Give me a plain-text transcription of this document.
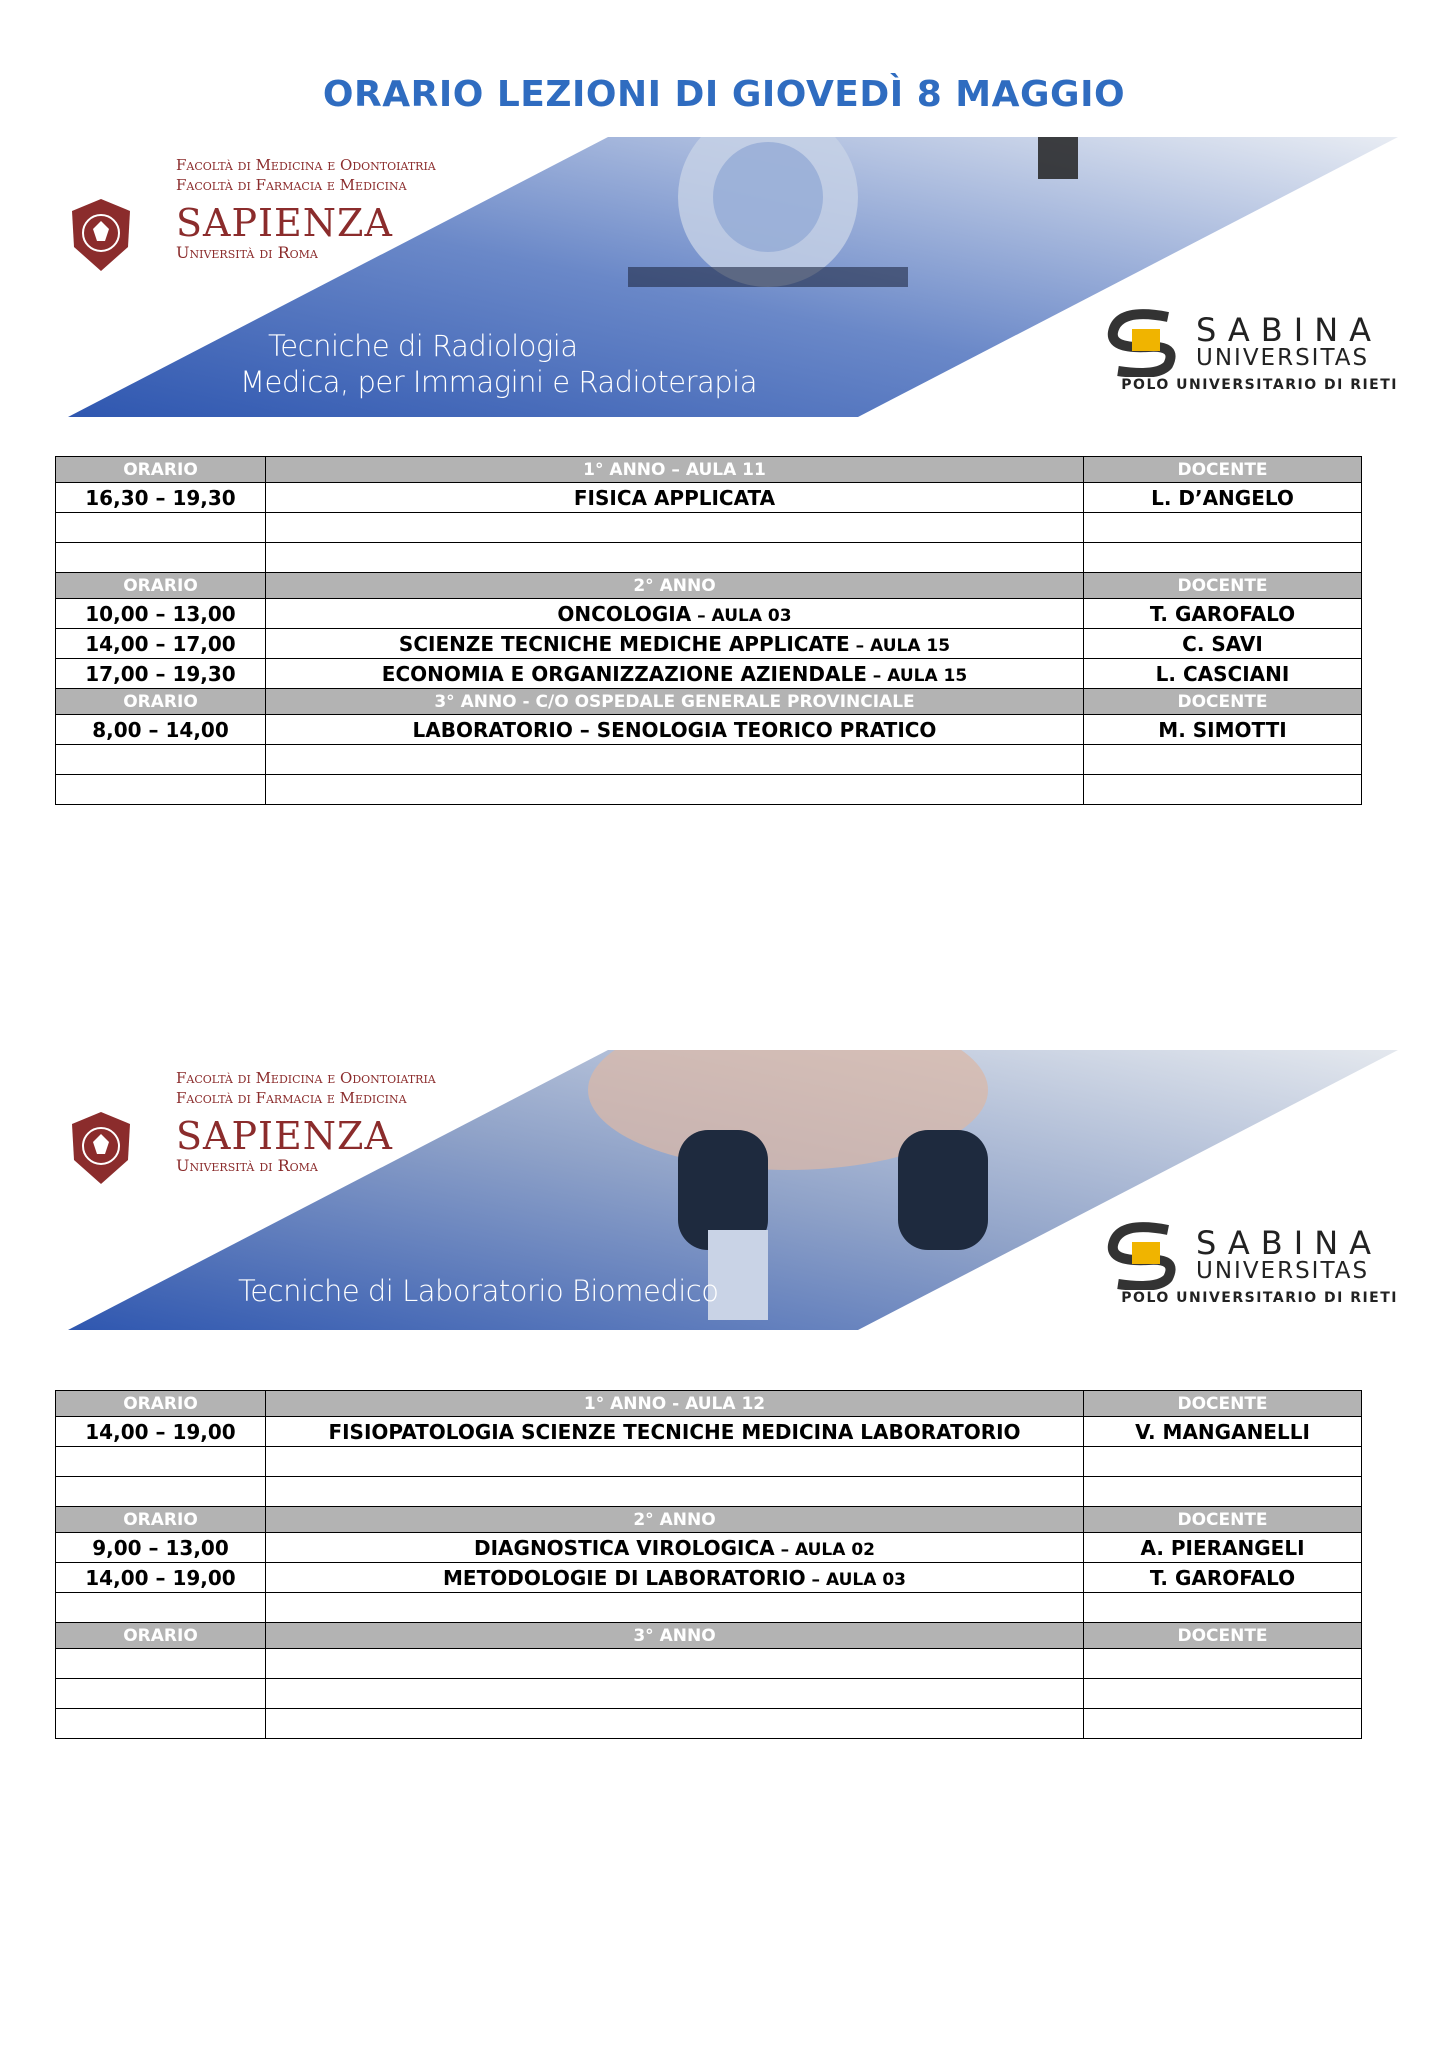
ORARIO LEZIONI DI GIOVEDÌ 8 MAGGIO
Facoltà di Medicina e Odontoiatria
Facoltà di Farmacia e Medicina
SAPIENZA
Università di Roma
Tecniche di Radiologia
Medica, per Immagini e Radioterapia
SABINA
UNIVERSITAS
POLO UNIVERSITARIO DI RIETI
ORARIO	1° ANNO – AULA 11	DOCENTE
16,30 – 19,30	FISICA APPLICATA	L. D’ANGELO

ORARIO	2° ANNO	DOCENTE
10,00 – 13,00	ONCOLOGIA – AULA 03	T. GAROFALO
14,00 – 17,00	SCIENZE TECNICHE MEDICHE APPLICATE – AULA 15	C. SAVI
17,00 – 19,30	ECONOMIA E ORGANIZZAZIONE AZIENDALE – AULA 15	L. CASCIANI
ORARIO	3° ANNO - C/O OSPEDALE GENERALE PROVINCIALE	DOCENTE
8,00 – 14,00	LABORATORIO – SENOLOGIA TEORICO PRATICO	M. SIMOTTI

Facoltà di Medicina e Odontoiatria
Facoltà di Farmacia e Medicina
SAPIENZA
Università di Roma
Tecniche di Laboratorio Biomedico
SABINA
UNIVERSITAS
POLO UNIVERSITARIO DI RIETI
ORARIO	1° ANNO - AULA 12	DOCENTE
14,00 – 19,00	FISIOPATOLOGIA SCIENZE TECNICHE MEDICINA LABORATORIO	V. MANGANELLI

ORARIO	2° ANNO	DOCENTE
9,00 – 13,00	DIAGNOSTICA VIROLOGICA – AULA 02	A. PIERANGELI
14,00 – 19,00	METODOLOGIE DI LABORATORIO – AULA 03	T. GAROFALO

ORARIO	3° ANNO	DOCENTE
